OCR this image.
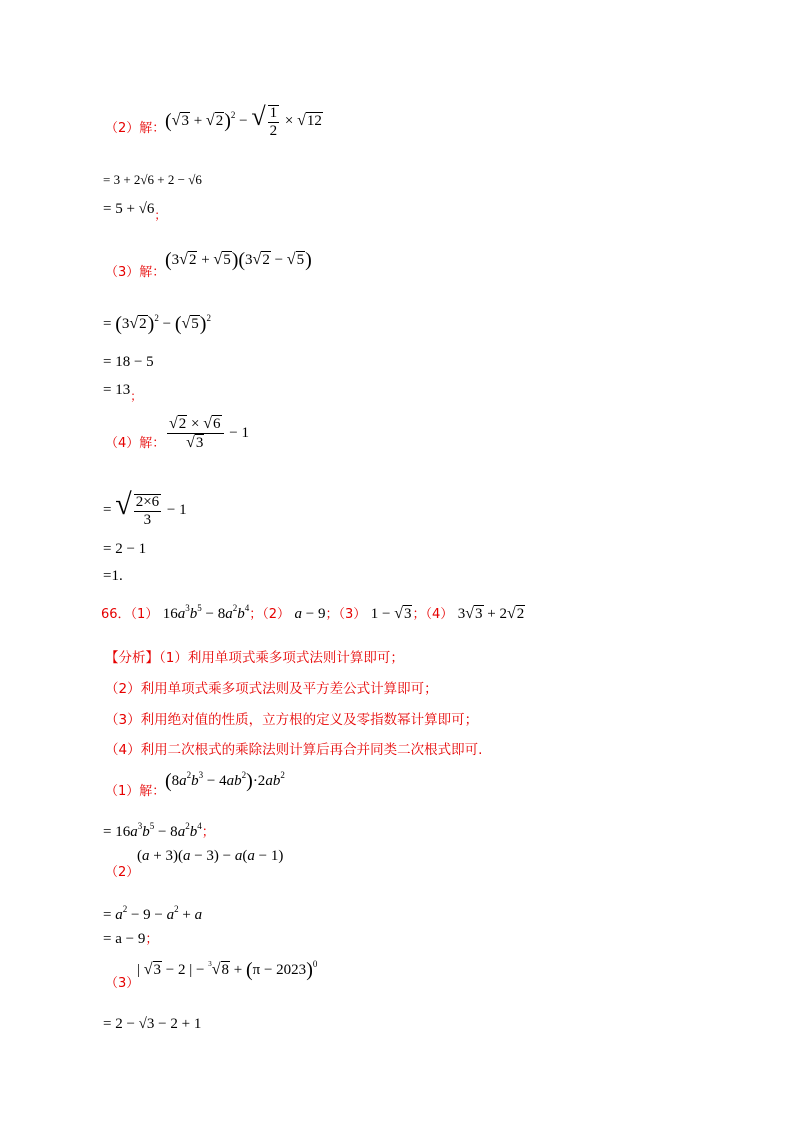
（2）解： $(√3 + √2)^2$ − √ $\frac{1}{2} \times √12$
= 3 + 2√6 + 2 − √6
= $5 + √6_;$
（3）解：
(3√2 + √5)(3√2 − √5)
= $(3√2)^2 - (√5)^2$
= 18 − 5
= $13_;$
（4）解： $\frac{√2 \times √6}{√3} - 1$
= √ $\frac{2\times 6}{3} - 1$
= 2 − 1
=1.
66．（1） $16a^3b^5 - 8a^2b^4$；（2） a − 9；（3） 1 − √3；（4） 3√3 + 2√2
【分析】（1）利用单项式乘多项式法则计算即可；
（2）利用单项式乘多项式法则及平方差公式计算即可；
（3）利用绝对值的性质，立方根的定义及零指数幂计算即可；
（4）利用二次根式的乘除法则计算后再合并同类二次根式即可.
（1）解： $(8a^2b^3 - 4ab^2)\cdot 2ab^2$
= $16a^3b^5 - 8a^2b^4$；
（2）
(a + 3)(a − 3) − a(a − 1)
= $a^2 - 9 - a^2 + a$
= a − 9；
（3）
| √3 − 2 | − $^3√8 + (\pi - 2023)^0$
= 2 − √3 − 2 + 1
